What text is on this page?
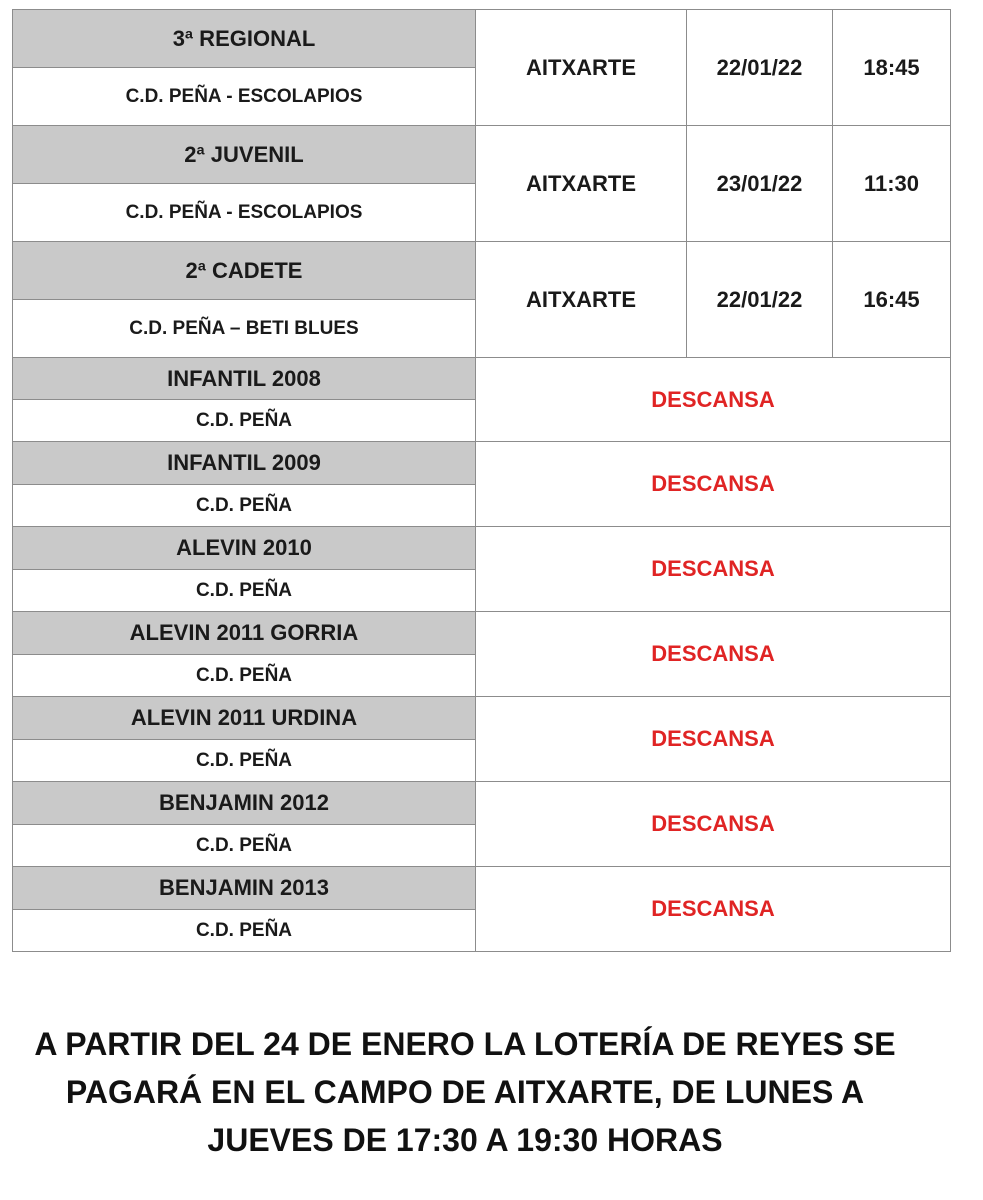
3ª REGIONAL	AITXARTE	22/01/22	18:45
C.D. PEÑA - ESCOLAPIOS			
2ª JUVENIL	AITXARTE	23/01/22	11:30
C.D. PEÑA - ESCOLAPIOS			
2ª CADETE	AITXARTE	22/01/22	16:45
C.D. PEÑA – BETI BLUES			
INFANTIL 2008	DESCANSA		
C.D. PEÑA			
INFANTIL 2009	DESCANSA		
C.D. PEÑA			
ALEVIN 2010	DESCANSA		
C.D. PEÑA			
ALEVIN 2011 GORRIA	DESCANSA		
C.D. PEÑA			
ALEVIN 2011 URDINA	DESCANSA		
C.D. PEÑA			
BENJAMIN 2012	DESCANSA		
C.D. PEÑA			
BENJAMIN 2013	DESCANSA		
C.D. PEÑA			
A PARTIR DEL 24 DE ENERO LA LOTERÍA DE REYES SE
PAGARÁ EN EL CAMPO DE AITXARTE, DE LUNES A
JUEVES DE 17:30 A 19:30 HORAS
